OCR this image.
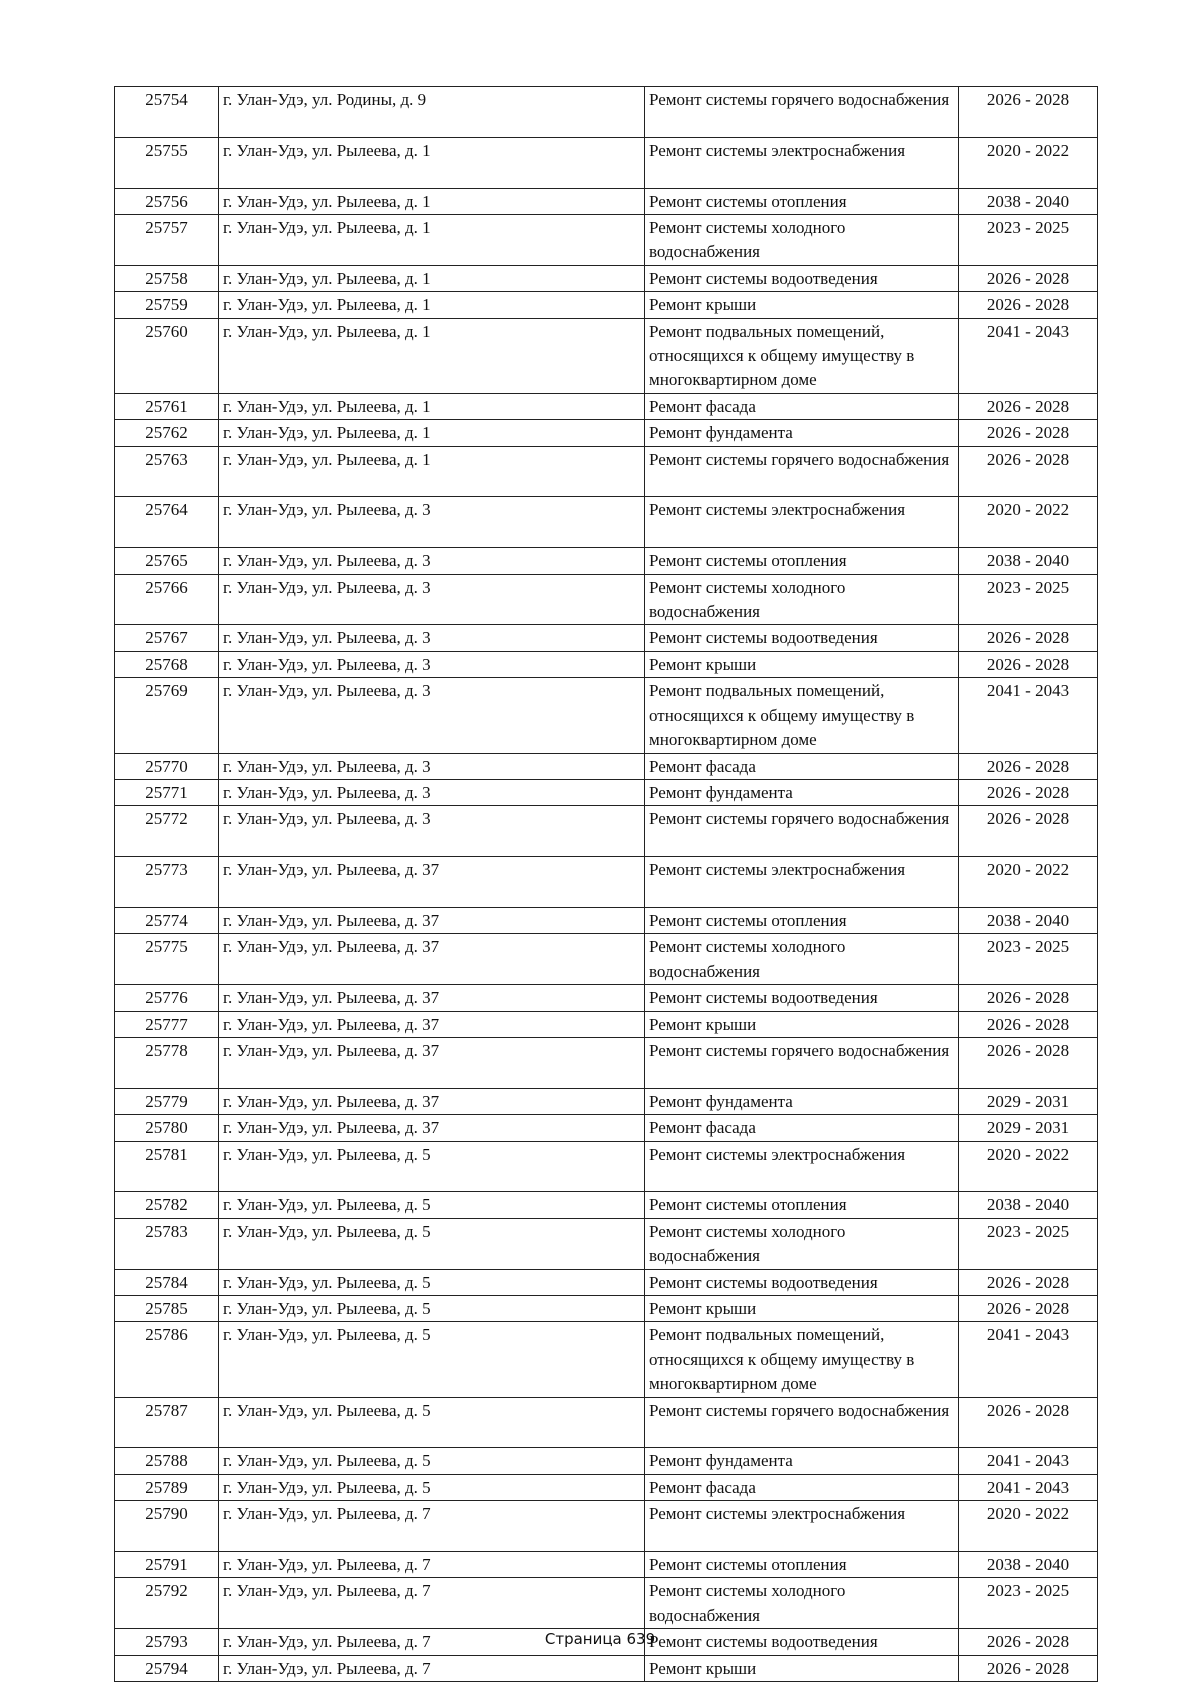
25754	г. Улан-Удэ, ул. Родины, д. 9	Ремонт системы горячего водоснабжения	2026 - 2028
25755	г. Улан-Удэ, ул. Рылеева, д. 1	Ремонт системы электроснабжения	2020 - 2022
25756	г. Улан-Удэ, ул. Рылеева, д. 1	Ремонт системы отопления	2038 - 2040
25757	г. Улан-Удэ, ул. Рылеева, д. 1	Ремонт системы холодного водоснабжения	2023 - 2025
25758	г. Улан-Удэ, ул. Рылеева, д. 1	Ремонт системы водоотведения	2026 - 2028
25759	г. Улан-Удэ, ул. Рылеева, д. 1	Ремонт крыши	2026 - 2028
25760	г. Улан-Удэ, ул. Рылеева, д. 1	Ремонт подвальных помещений, относящихся к общему имуществу в многоквартирном доме	2041 - 2043
25761	г. Улан-Удэ, ул. Рылеева, д. 1	Ремонт фасада	2026 - 2028
25762	г. Улан-Удэ, ул. Рылеева, д. 1	Ремонт фундамента	2026 - 2028
25763	г. Улан-Удэ, ул. Рылеева, д. 1	Ремонт системы горячего водоснабжения	2026 - 2028
25764	г. Улан-Удэ, ул. Рылеева, д. 3	Ремонт системы электроснабжения	2020 - 2022
25765	г. Улан-Удэ, ул. Рылеева, д. 3	Ремонт системы отопления	2038 - 2040
25766	г. Улан-Удэ, ул. Рылеева, д. 3	Ремонт системы холодного водоснабжения	2023 - 2025
25767	г. Улан-Удэ, ул. Рылеева, д. 3	Ремонт системы водоотведения	2026 - 2028
25768	г. Улан-Удэ, ул. Рылеева, д. 3	Ремонт крыши	2026 - 2028
25769	г. Улан-Удэ, ул. Рылеева, д. 3	Ремонт подвальных помещений, относящихся к общему имуществу в многоквартирном доме	2041 - 2043
25770	г. Улан-Удэ, ул. Рылеева, д. 3	Ремонт фасада	2026 - 2028
25771	г. Улан-Удэ, ул. Рылеева, д. 3	Ремонт фундамента	2026 - 2028
25772	г. Улан-Удэ, ул. Рылеева, д. 3	Ремонт системы горячего водоснабжения	2026 - 2028
25773	г. Улан-Удэ, ул. Рылеева, д. 37	Ремонт системы электроснабжения	2020 - 2022
25774	г. Улан-Удэ, ул. Рылеева, д. 37	Ремонт системы отопления	2038 - 2040
25775	г. Улан-Удэ, ул. Рылеева, д. 37	Ремонт системы холодного водоснабжения	2023 - 2025
25776	г. Улан-Удэ, ул. Рылеева, д. 37	Ремонт системы водоотведения	2026 - 2028
25777	г. Улан-Удэ, ул. Рылеева, д. 37	Ремонт крыши	2026 - 2028
25778	г. Улан-Удэ, ул. Рылеева, д. 37	Ремонт системы горячего водоснабжения	2026 - 2028
25779	г. Улан-Удэ, ул. Рылеева, д. 37	Ремонт фундамента	2029 - 2031
25780	г. Улан-Удэ, ул. Рылеева, д. 37	Ремонт фасада	2029 - 2031
25781	г. Улан-Удэ, ул. Рылеева, д. 5	Ремонт системы электроснабжения	2020 - 2022
25782	г. Улан-Удэ, ул. Рылеева, д. 5	Ремонт системы отопления	2038 - 2040
25783	г. Улан-Удэ, ул. Рылеева, д. 5	Ремонт системы холодного водоснабжения	2023 - 2025
25784	г. Улан-Удэ, ул. Рылеева, д. 5	Ремонт системы водоотведения	2026 - 2028
25785	г. Улан-Удэ, ул. Рылеева, д. 5	Ремонт крыши	2026 - 2028
25786	г. Улан-Удэ, ул. Рылеева, д. 5	Ремонт подвальных помещений, относящихся к общему имуществу в многоквартирном доме	2041 - 2043
25787	г. Улан-Удэ, ул. Рылеева, д. 5	Ремонт системы горячего водоснабжения	2026 - 2028
25788	г. Улан-Удэ, ул. Рылеева, д. 5	Ремонт фундамента	2041 - 2043
25789	г. Улан-Удэ, ул. Рылеева, д. 5	Ремонт фасада	2041 - 2043
25790	г. Улан-Удэ, ул. Рылеева, д. 7	Ремонт системы электроснабжения	2020 - 2022
25791	г. Улан-Удэ, ул. Рылеева, д. 7	Ремонт системы отопления	2038 - 2040
25792	г. Улан-Удэ, ул. Рылеева, д. 7	Ремонт системы холодного водоснабжения	2023 - 2025
25793	г. Улан-Удэ, ул. Рылеева, д. 7	Ремонт системы водоотведения	2026 - 2028
25794	г. Улан-Удэ, ул. Рылеева, д. 7	Ремонт крыши	2026 - 2028
Страница 639
